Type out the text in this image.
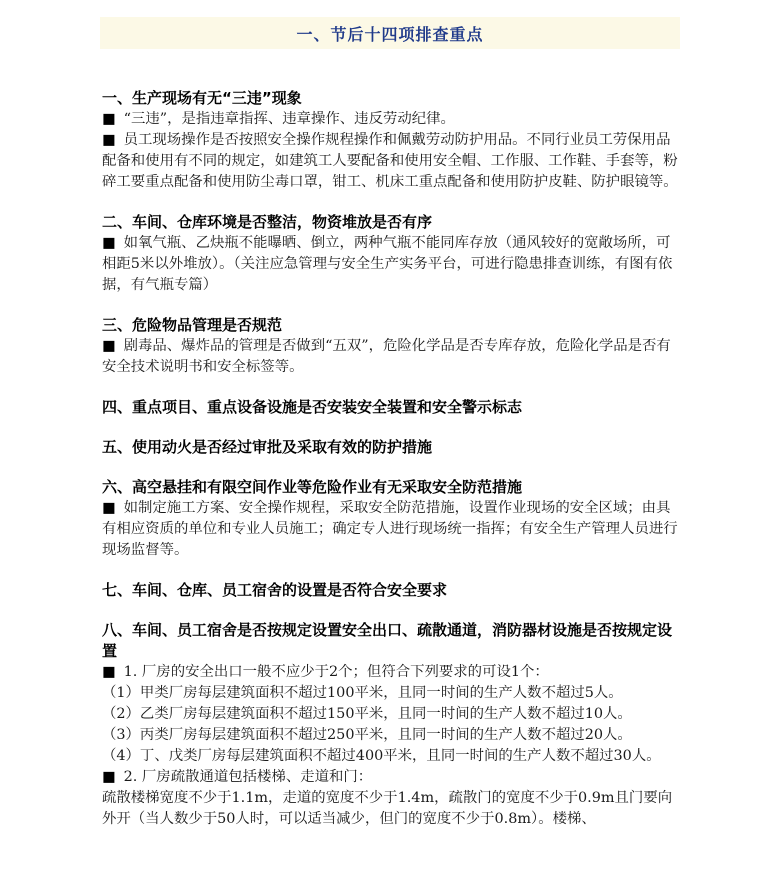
一、节后十四项排查重点
一、生产现场有无“三违”现象

■ “三违”，是指违章指挥、违章操作、违反劳动纪律。

■ 员工现场操作是否按照安全操作规程操作和佩戴劳动防护用品。不同行业员工劳保用品配备和使用有不同的规定，如建筑工人要配备和使用安全帽、工作服、工作鞋、手套等，粉碎工要重点配备和使用防尘毒口罩，钳工、机床工重点配备和使用防护皮鞋、防护眼镜等。

二、车间、仓库环境是否整洁，物资堆放是否有序

■ 如氧气瓶、乙炔瓶不能曝晒、倒立，两种气瓶不能同库存放（通风较好的宽敞场所，可相距5米以外堆放）。（关注应急管理与安全生产实务平台，可进行隐患排查训练，有图有依据，有气瓶专篇）

三、危险物品管理是否规范

■ 剧毒品、爆炸品的管理是否做到“五双”，危险化学品是否专库存放，危险化学品是否有安全技术说明书和安全标签等。

四、重点项目、重点设备设施是否安装安全装置和安全警示标志
五、使用动火是否经过审批及采取有效的防护措施
六、高空悬挂和有限空间作业等危险作业有无采取安全防范措施

■ 如制定施工方案、安全操作规程，采取安全防范措施，设置作业现场的安全区域；由具有相应资质的单位和专业人员施工；确定专人进行现场统一指挥；有安全生产管理人员进行现场监督等。

七、车间、仓库、员工宿舍的设置是否符合安全要求
八、车间、员工宿舍是否按规定设置安全出口、疏散通道，消防器材设施是否按规定设置

■ 1. 厂房的安全出口一般不应少于2个；但符合下列要求的可设1个：

（1）甲类厂房每层建筑面积不超过100平米，且同一时间的生产人数不超过5人。

（2）乙类厂房每层建筑面积不超过150平米，且同一时间的生产人数不超过10人。

（3）丙类厂房每层建筑面积不超过250平米，且同一时间的生产人数不超过20人。

（4）丁、戊类厂房每层建筑面积不超过400平米，且同一时间的生产人数不超过30人。

■ 2. 厂房疏散通道包括楼梯、走道和门：

疏散楼梯宽度不少于1.1m，走道的宽度不少于1.4m，疏散门的宽度不少于0.9m且门要向外开（当人数少于50人时，可以适当减少，但门的宽度不少于0.8m）。楼梯、
